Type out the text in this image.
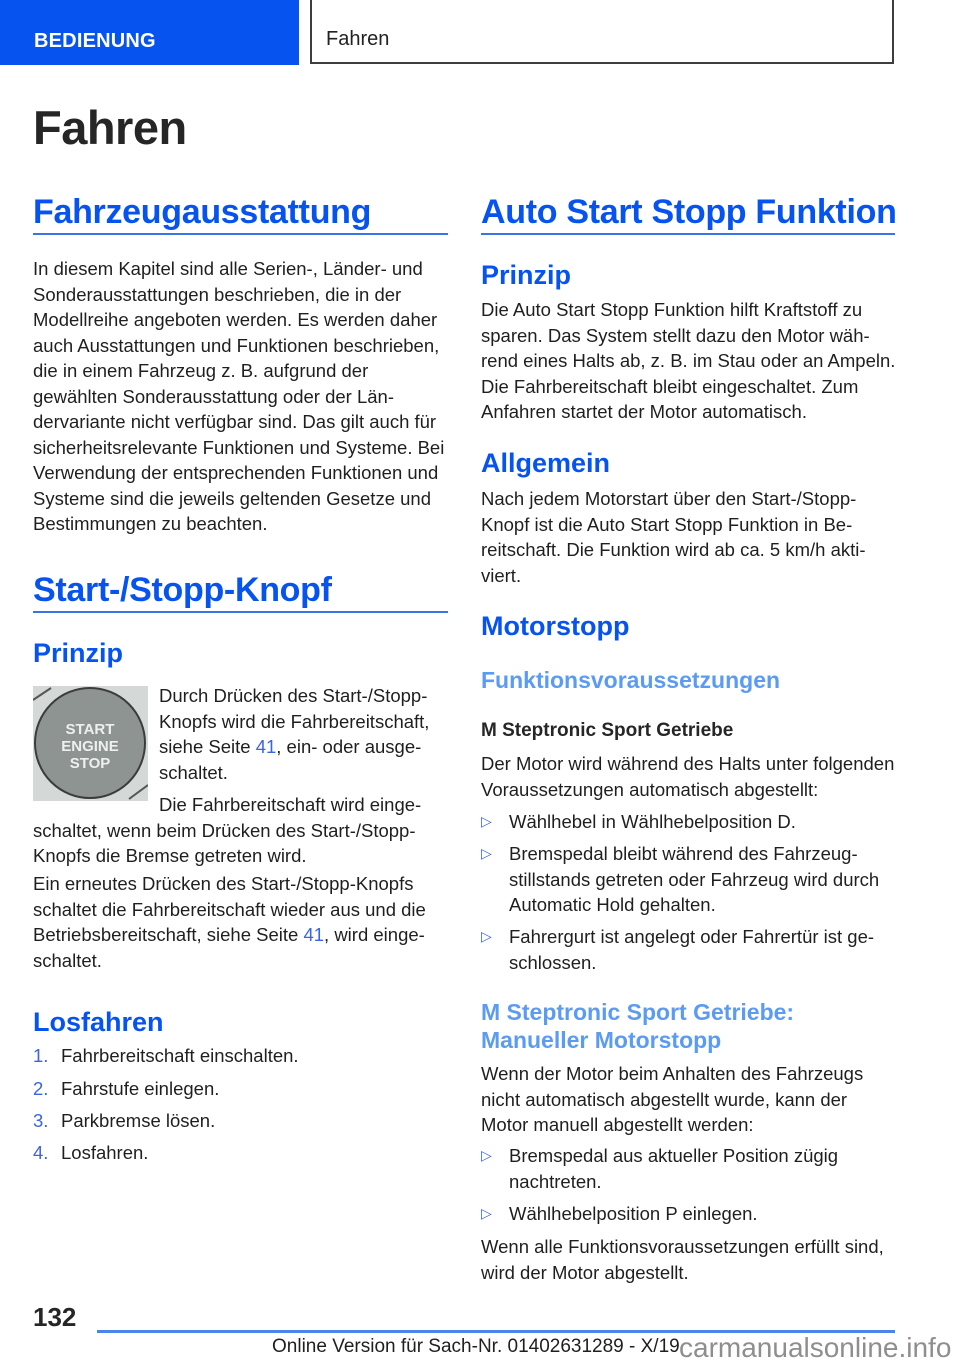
BEDIENUNG	Fahren
Fahren
Fahrzeugausstattung

In diesem Kapitel sind alle Serien-, Länder- und Sonderausstattungen beschrieben, die in der Modellreihe angeboten werden. Es werden daher auch Ausstattungen und Funktionen beschrieben, die in einem Fahrzeug z. B. aufgrund der gewählten Sonderausstattung oder der Ländervariante nicht verfügbar sind. Das gilt auch für sicherheitsrelevante Funktionen und Systeme. Bei Verwendung der entsprechenden Funktionen und Systeme sind die jeweils geltenden Gesetze und Bestimmungen zu beachten.

Start-/Stopp-Knopf
Prinzip
START
ENGINE
STOP

Durch Drücken des Start-/Stopp-Knopfs wird die Fahrbereitschaft, siehe Seite 41, ein- oder ausgeschaltet.

Die Fahrbereitschaft wird eingeschaltet, wenn beim Drücken des Start-/Stopp-Knopfs die Bremse getreten wird.

Ein erneutes Drücken des Start-/Stopp-Knopfs schaltet die Fahrbereitschaft wieder aus und die Betriebsbereitschaft, siehe Seite 41, wird eingeschaltet.

Losfahren
1. Fahrbereitschaft einschalten.
2. Fahrstufe einlegen.
3. Parkbremse lösen.
4. Losfahren.
Auto Start Stopp Funktion
Prinzip

Die Auto Start Stopp Funktion hilft Kraftstoff zu sparen. Das System stellt dazu den Motor während eines Halts ab, z. B. im Stau oder an Ampeln. Die Fahrbereitschaft bleibt eingeschaltet. Zum Anfahren startet der Motor automatisch.

Allgemein

Nach jedem Motorstart über den Start-/Stopp-Knopf ist die Auto Start Stopp Funktion in Bereitschaft. Die Funktion wird ab ca. 5 km/h aktiviert.

Motorstopp
Funktionsvoraussetzungen
M Steptronic Sport Getriebe

Der Motor wird während des Halts unter folgenden Voraussetzungen automatisch abgestellt:

▷ Wählhebel in Wählhebelposition D.
▷ Bremspedal bleibt während des Fahrzeugstillstands getreten oder Fahrzeug wird durch Automatic Hold gehalten.
▷ Fahrergurt ist angelegt oder Fahrertür ist geschlossen.
M Steptronic Sport Getriebe:
Manueller Motorstopp

Wenn der Motor beim Anhalten des Fahrzeugs nicht automatisch abgestellt wurde, kann der Motor manuell abgestellt werden:

▷ Bremspedal aus aktueller Position zügig nachtreten.
▷ Wählhebelposition P einlegen.

Wenn alle Funktionsvoraussetzungen erfüllt sind, wird der Motor abgestellt.

132
Online Version für Sach-Nr. 01402631289 - X/19 carmanualsonline.info
